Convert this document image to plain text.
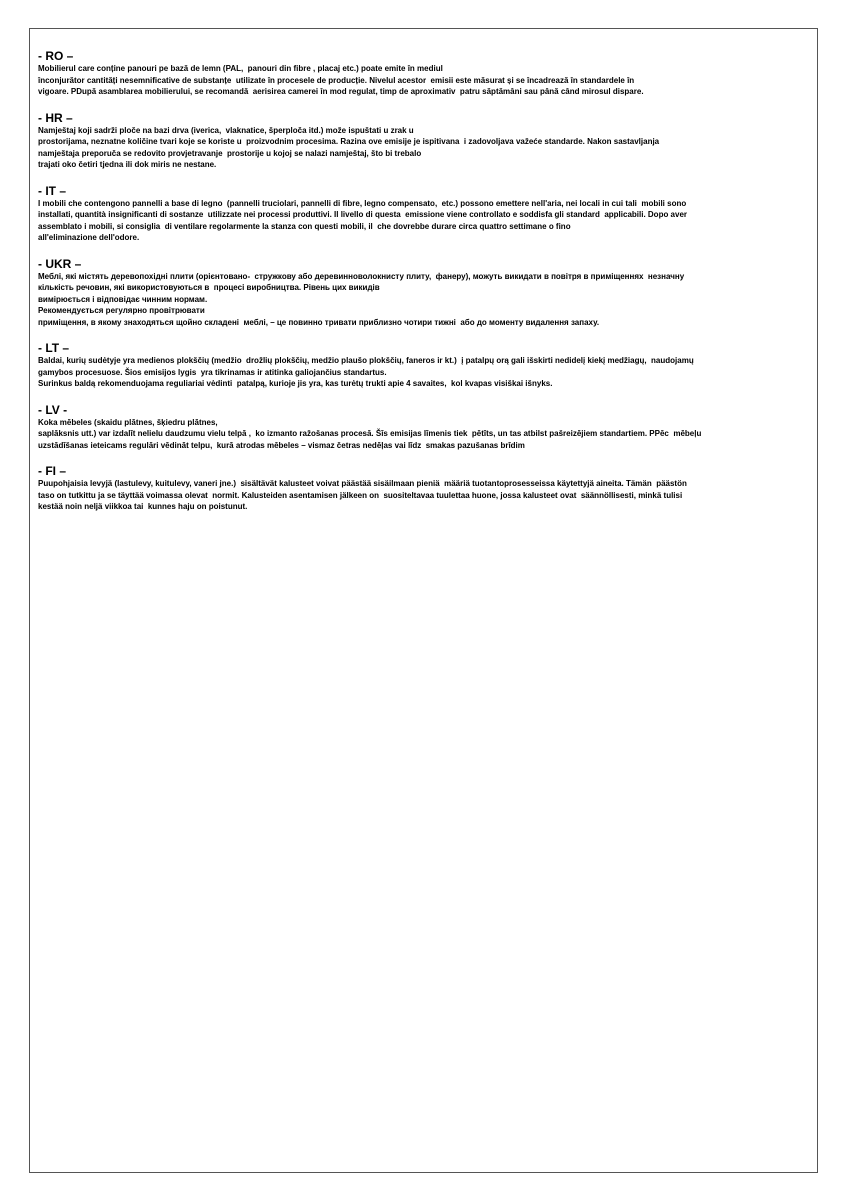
- RO –

Mobilierul care conține panouri pe bază de lemn (PAL,  panouri din fibre , placaj etc.) poate emite în mediul

înconjurător cantități nesemnificative de substanțe  utilizate în procesele de producție. Nivelul acestor  emisii este măsurat și se încadrează în standardele în

vigoare. PDupă asamblarea mobilierului, se recomandă  aerisirea camerei în mod regulat, timp de aproximativ  patru săptămâni sau până când mirosul dispare.

- HR –

Namještaj koji sadrži ploče na bazi drva (iverica,  vlaknatice, šperploča itd.) može ispuštati u zrak u

prostorijama, neznatne količine tvari koje se koriste u  proizvodnim procesima. Razina ove emisije je ispitivana  i zadovoljava važeće standarde. Nakon sastavljanja

namještaja preporuča se redovito provjetravanje  prostorije u kojoj se nalazi namještaj, što bi trebalo

trajati oko četiri tjedna ili dok miris ne nestane.

- IT –

I mobili che contengono pannelli a base di legno  (pannelli truciolari, pannelli di fibre, legno compensato,  etc.) possono emettere nell'aria, nei locali in cui tali  mobili sono

installati, quantità insignificanti di sostanze  utilizzate nei processi produttivi. Il livello di questa  emissione viene controllato e soddisfa gli standard  applicabili. Dopo aver

assemblato i mobili, si consiglia  di ventilare regolarmente la stanza con questi mobili, il  che dovrebbe durare circa quattro settimane o fino

all'eliminazione dell'odore.

- UKR –

Меблі, які містять деревопохідні плити (орієнтовано-  стружкову або деревинноволокнисту плиту,  фанеру), можуть викидати в повітря в приміщеннях  незначну

кількість речовин, які використовуються в  процесі виробництва. Рівень цих викидів

вимірюється і відповідає чинним нормам.

Рекомендується регулярно провітрювати

приміщення, в якому знаходяться щойно складені  меблі, – це повинно тривати приблизно чотири тижні  або до моменту видалення запаху.

- LT –

Baldai, kurių sudėtyje yra medienos plokščių (medžio  drožlių plokščių, medžio plaušo plokščių, faneros ir kt.)  į patalpų orą gali išskirti nedidelį kiekį medžiagų,  naudojamų

gamybos procesuose. Šios emisijos lygis  yra tikrinamas ir atitinka galiojančius standartus.

Surinkus baldą rekomenduojama reguliariai vėdinti  patalpą, kurioje jis yra, kas turėtų trukti apie 4 savaites,  kol kvapas visiškai išnyks.

- LV -

Koka mēbeles (skaidu plātnes, šķiedru plātnes,

saplāksnis utt.) var izdalīt nelielu daudzumu vielu telpā ,  ko izmanto ražošanas procesā. Šīs emisijas līmenis tiek  pētīts, un tas atbilst pašreizējiem standartiem. PPēc  mēbeļu

uzstādīšanas ieteicams regulāri vēdināt telpu,  kurā atrodas mēbeles – vismaz četras nedēļas vai līdz  smakas pazušanas brīdim

- FI –

Puupohjaisia levyjä (lastulevy, kuitulevy, vaneri jne.)  sisältävät kalusteet voivat päästää sisäilmaan pieniä  määriä tuotantoprosesseissa käytettyjä aineita. Tämän  päästön

taso on tutkittu ja se täyttää voimassa olevat  normit. Kalusteiden asentamisen jälkeen on  suositeltavaa tuulettaa huone, jossa kalusteet ovat  säännöllisesti, minkä tulisi

kestää noin neljä viikkoa tai  kunnes haju on poistunut.
